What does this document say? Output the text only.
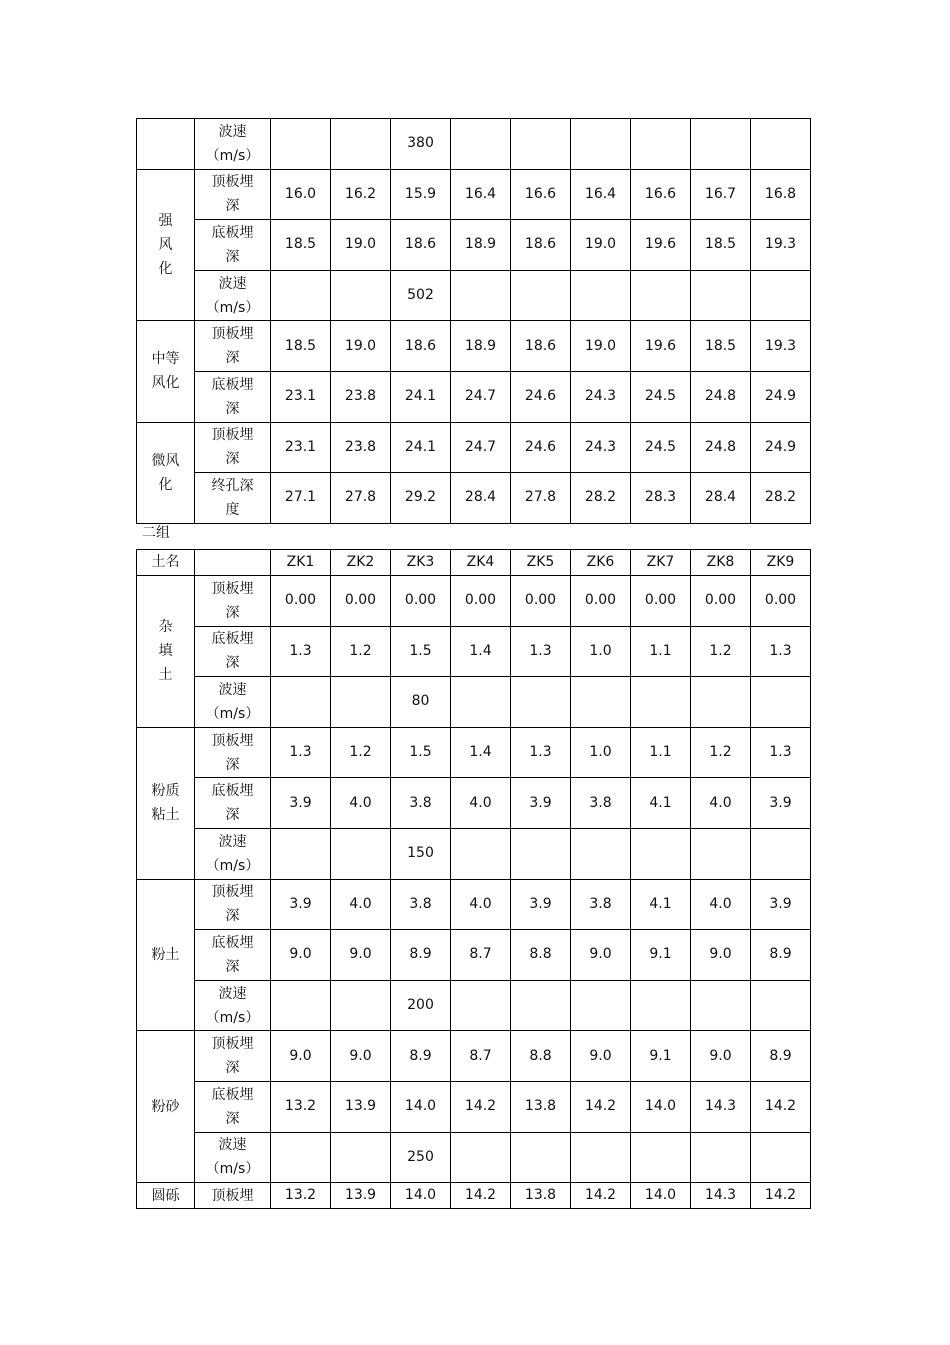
	波速
（m/s）			380						

强
风
化	顶板埋
深	16.0	16.2	15.9	16.4	16.6	16.4	16.6	16.7	16.8

	底板埋
深	18.5	19.0	18.6	18.9	18.6	19.0	19.6	18.5	19.3

	波速
（m/s）			502						

中等
风化	顶板埋
深	18.5	19.0	18.6	18.9	18.6	19.0	19.6	18.5	19.3

	底板埋
深	23.1	23.8	24.1	24.7	24.6	24.3	24.5	24.8	24.9

微风
化	顶板埋
深	23.1	23.8	24.1	24.7	24.6	24.3	24.5	24.8	24.9

	终孔深
度	27.1	27.8	29.2	28.4	27.8	28.2	28.3	28.4	28.2
二组
土名		ZK1	ZK2	ZK3	ZK4	ZK5	ZK6	ZK7	ZK8	ZK9

杂
填
土	顶板埋
深	0.00	0.00	0.00	0.00	0.00	0.00	0.00	0.00	0.00

	底板埋
深	1.3	1.2	1.5	1.4	1.3	1.0	1.1	1.2	1.3

	波速
（m/s）			80						

粉质
粘土	顶板埋
深	1.3	1.2	1.5	1.4	1.3	1.0	1.1	1.2	1.3

	底板埋
深	3.9	4.0	3.8	4.0	3.9	3.8	4.1	4.0	3.9

	波速
（m/s）			150						

粉土	顶板埋
深	3.9	4.0	3.8	4.0	3.9	3.8	4.1	4.0	3.9

	底板埋
深	9.0	9.0	8.9	8.7	8.8	9.0	9.1	9.0	8.9

	波速
（m/s）			200						

粉砂	顶板埋
深	9.0	9.0	8.9	8.7	8.8	9.0	9.1	9.0	8.9

	底板埋
深	13.2	13.9	14.0	14.2	13.8	14.2	14.0	14.3	14.2

	波速
（m/s）			250						

圆砾	顶板埋	13.2	13.9	14.0	14.2	13.8	14.2	14.0	14.3	14.2
